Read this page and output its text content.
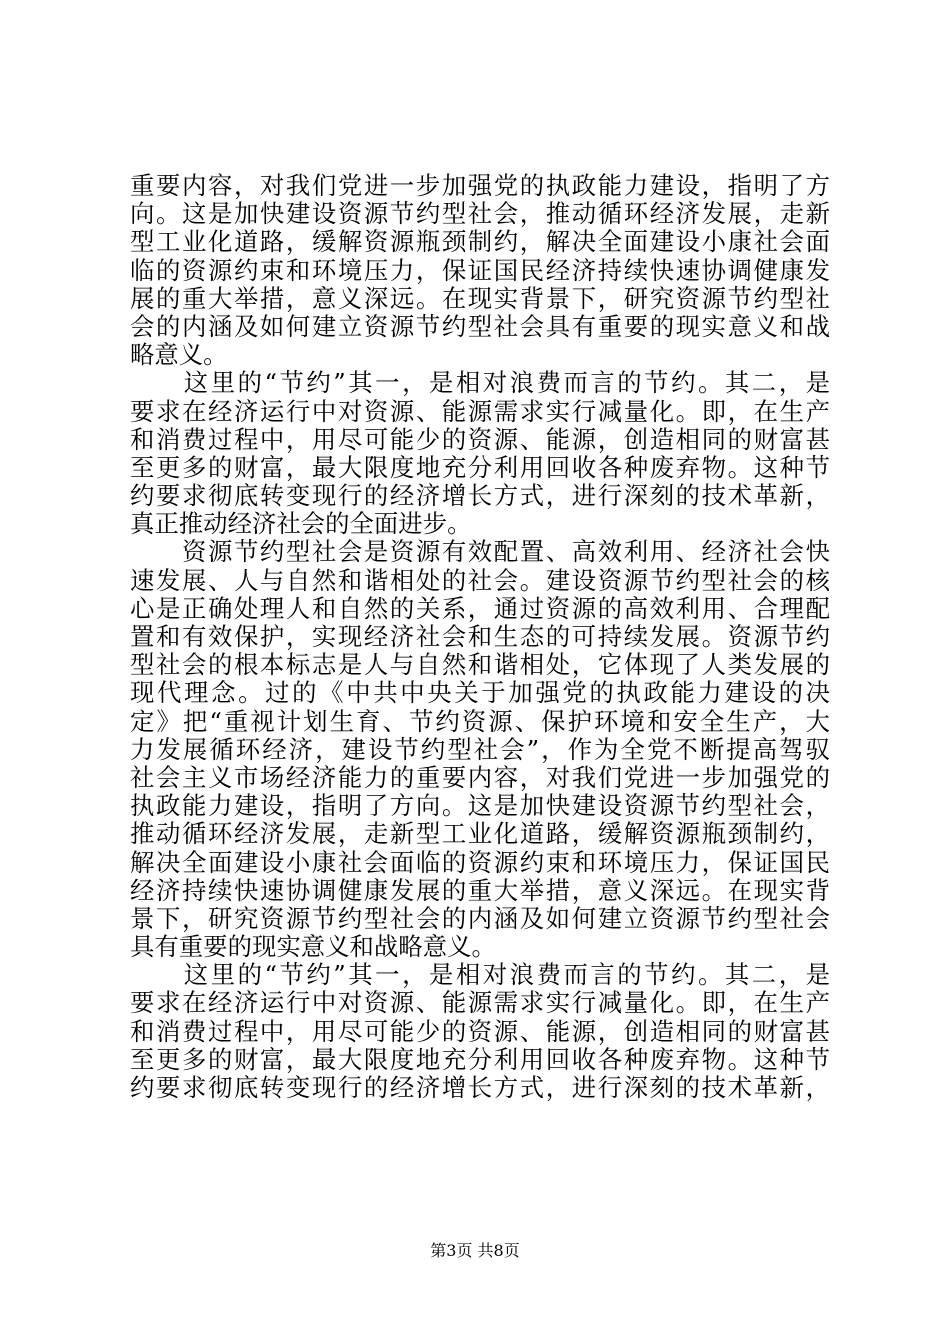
重要内容，对我们党进一步加强党的执政能力建设，指明了方
向。这是加快建设资源节约型社会，推动循环经济发展，走新
型工业化道路，缓解资源瓶颈制约，解决全面建设小康社会面
临的资源约束和环境压力，保证国民经济持续快速协调健康发
展的重大举措，意义深远。在现实背景下，研究资源节约型社
会的内涵及如何建立资源节约型社会具有重要的现实意义和战
略意义。
　　这里的“节约”其一，是相对浪费而言的节约。其二，是
要求在经济运行中对资源、能源需求实行减量化。即，在生产
和消费过程中，用尽可能少的资源、能源，创造相同的财富甚
至更多的财富，最大限度地充分利用回收各种废弃物。这种节
约要求彻底转变现行的经济增长方式，进行深刻的技术革新，
真正推动经济社会的全面进步。
　　资源节约型社会是资源有效配置、高效利用、经济社会快
速发展、人与自然和谐相处的社会。建设资源节约型社会的核
心是正确处理人和自然的关系，通过资源的高效利用、合理配
置和有效保护，实现经济社会和生态的可持续发展。资源节约
型社会的根本标志是人与自然和谐相处，它体现了人类发展的
现代理念。过的《中共中央关于加强党的执政能力建设的决
定》把“重视计划生育、节约资源、保护环境和安全生产，大
力发展循环经济，建设节约型社会”，作为全党不断提高驾驭
社会主义市场经济能力的重要内容，对我们党进一步加强党的
执政能力建设，指明了方向。这是加快建设资源节约型社会，
推动循环经济发展，走新型工业化道路，缓解资源瓶颈制约，
解决全面建设小康社会面临的资源约束和环境压力，保证国民
经济持续快速协调健康发展的重大举措，意义深远。在现实背
景下，研究资源节约型社会的内涵及如何建立资源节约型社会
具有重要的现实意义和战略意义。
　　这里的“节约”其一，是相对浪费而言的节约。其二，是
要求在经济运行中对资源、能源需求实行减量化。即，在生产
和消费过程中，用尽可能少的资源、能源，创造相同的财富甚
至更多的财富，最大限度地充分利用回收各种废弃物。这种节
约要求彻底转变现行的经济增长方式，进行深刻的技术革新，
第3页 共8页
